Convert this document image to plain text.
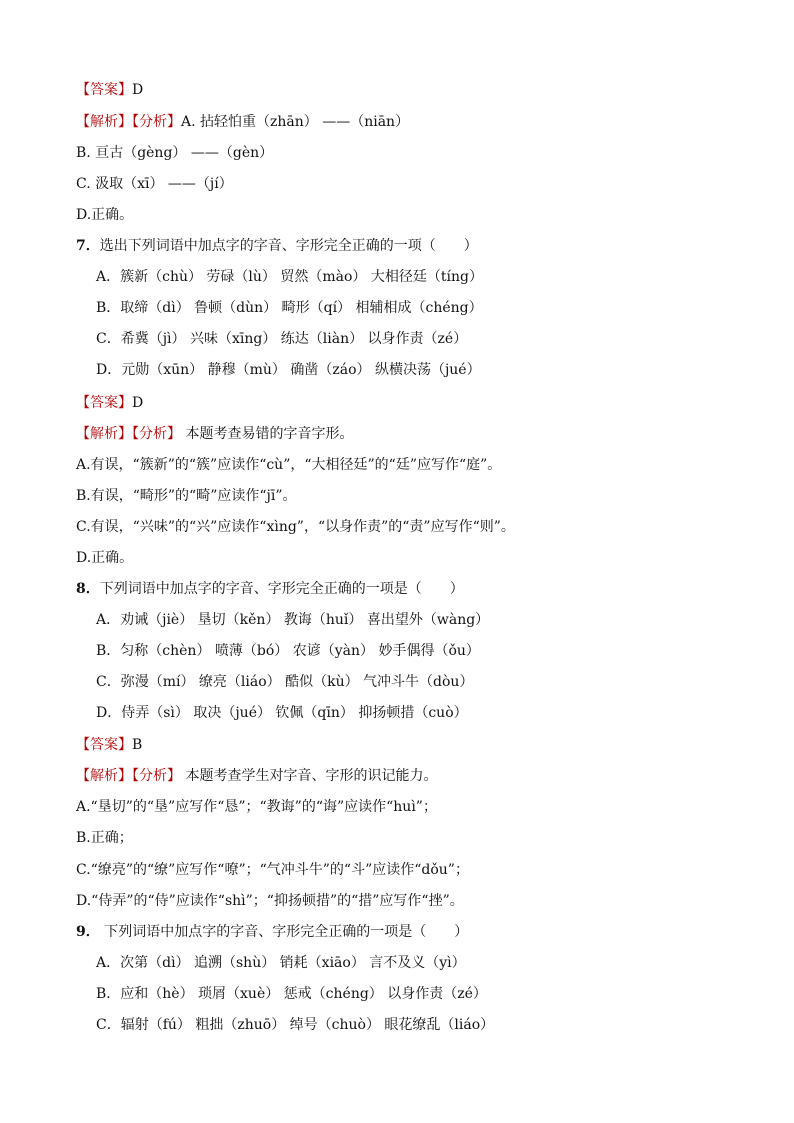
【答案】D
【解析】【分析】A. 拈轻怕重（zhān） ——（niān）
B. 亘古（gèng） ——（gèn）
C. 汲取（xī） ——（jí）
D.正确。
7．选出下列词语中加点字的字音、字形完全正确的一项（　　）
A．簇新（chù） 劳碌（lù） 贸然（mào） 大相径廷（tíng）
B．取缔（dì） 鲁顿（dùn） 畸形（qí） 相辅相成（chéng）
C．希冀（jì） 兴味（xīng） 练达（liàn） 以身作责（zé）
D．元勋（xūn） 静穆（mù） 确凿（záo） 纵横决荡（jué）
【答案】D
【解析】【分析】 本题考查易错的字音字形。
A.有误，“簇新”的“簇”应读作“cù”，“大相径廷”的“廷”应写作“庭”。
B.有误，“畸形”的“畸”应读作“jī”。
C.有误，“兴味”的“兴”应读作“xìng”，“以身作责”的“责”应写作“则”。
D.正确。
8．下列词语中加点字的字音、字形完全正确的一项是（　　）
A．劝诫（jiè） 垦切（kěn） 教诲（huǐ） 喜出望外（wàng）
B．匀称（chèn） 喷薄（bó） 农谚（yàn） 妙手偶得（ǒu）
C．弥漫（mí） 缭亮（liáo） 酷似（kù） 气冲斗牛（dòu）
D．侍弄（sì） 取决（jué） 钦佩（qīn） 抑扬顿措（cuò）
【答案】B
【解析】【分析】 本题考查学生对字音、字形的识记能力。
A.“垦切”的“垦”应写作“恳”；“教诲”的“诲”应读作“huì”；
B.正确；
C.“缭亮”的“缭”应写作“嘹”；“气冲斗牛”的“斗”应读作“dǒu”；
D.“侍弄”的“侍”应读作“shì”；“抑扬顿措”的“措”应写作“挫”。
9． 下列词语中加点字的字音、字形完全正确的一项是（　　）
A．次第（dì） 追溯（shù） 销耗（xiāo） 言不及义（yì）
B．应和（hè） 琐屑（xuè） 惩戒（chéng） 以身作责（zé）
C．辐射（fú） 粗拙（zhuō） 绰号（chuò） 眼花缭乱（liáo）
